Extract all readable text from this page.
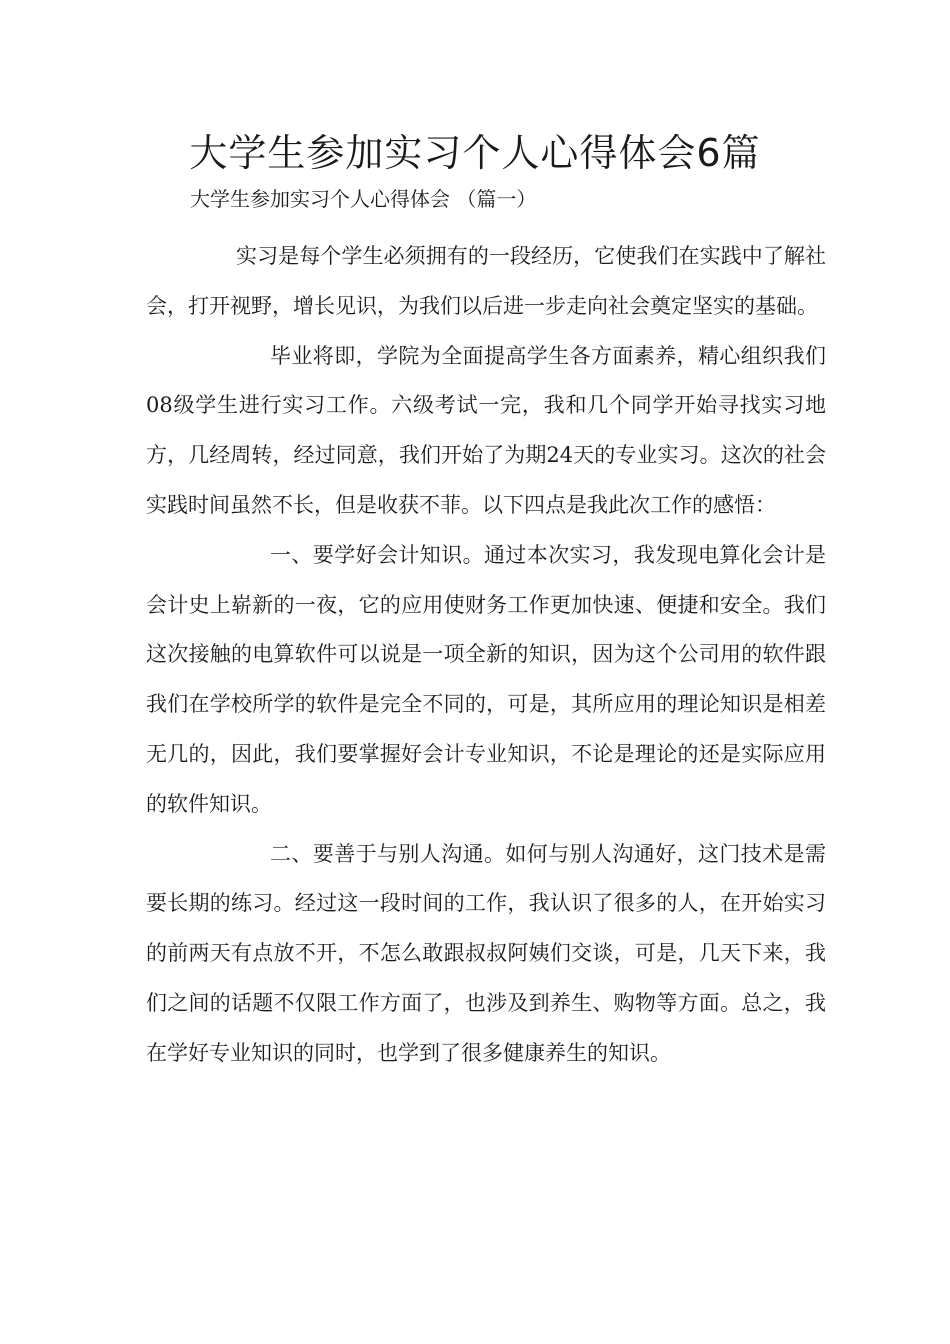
大学生参加实习个人心得体会6篇

大学生参加实习个人心得体会 （篇一）

实习是每个学生必须拥有的一段经历，它使我们在实践中了解社会，打开视野，增长见识，为我们以后进一步走向社会奠定坚实的基础。

毕业将即，学院为全面提高学生各方面素养，精心组织我们08级学生进行实习工作。六级考试一完，我和几个同学开始寻找实习地方，几经周转，经过同意，我们开始了为期24天的专业实习。这次的社会实践时间虽然不长，但是收获不菲。以下四点是我此次工作的感悟：

一、要学好会计知识。通过本次实习，我发现电算化会计是会计史上崭新的一夜，它的应用使财务工作更加快速、便捷和安全。我们这次接触的电算软件可以说是一项全新的知识，因为这个公司用的软件跟我们在学校所学的软件是完全不同的，可是，其所应用的理论知识是相差无几的，因此，我们要掌握好会计专业知识，不论是理论的还是实际应用的软件知识。

二、要善于与别人沟通。如何与别人沟通好，这门技术是需要长期的练习。经过这一段时间的工作，我认识了很多的人，在开始实习的前两天有点放不开，不怎么敢跟叔叔阿姨们交谈，可是，几天下来，我们之间的话题不仅限工作方面了，也涉及到养生、购物等方面。总之，我在学好专业知识的同时，也学到了很多健康养生的知识。
